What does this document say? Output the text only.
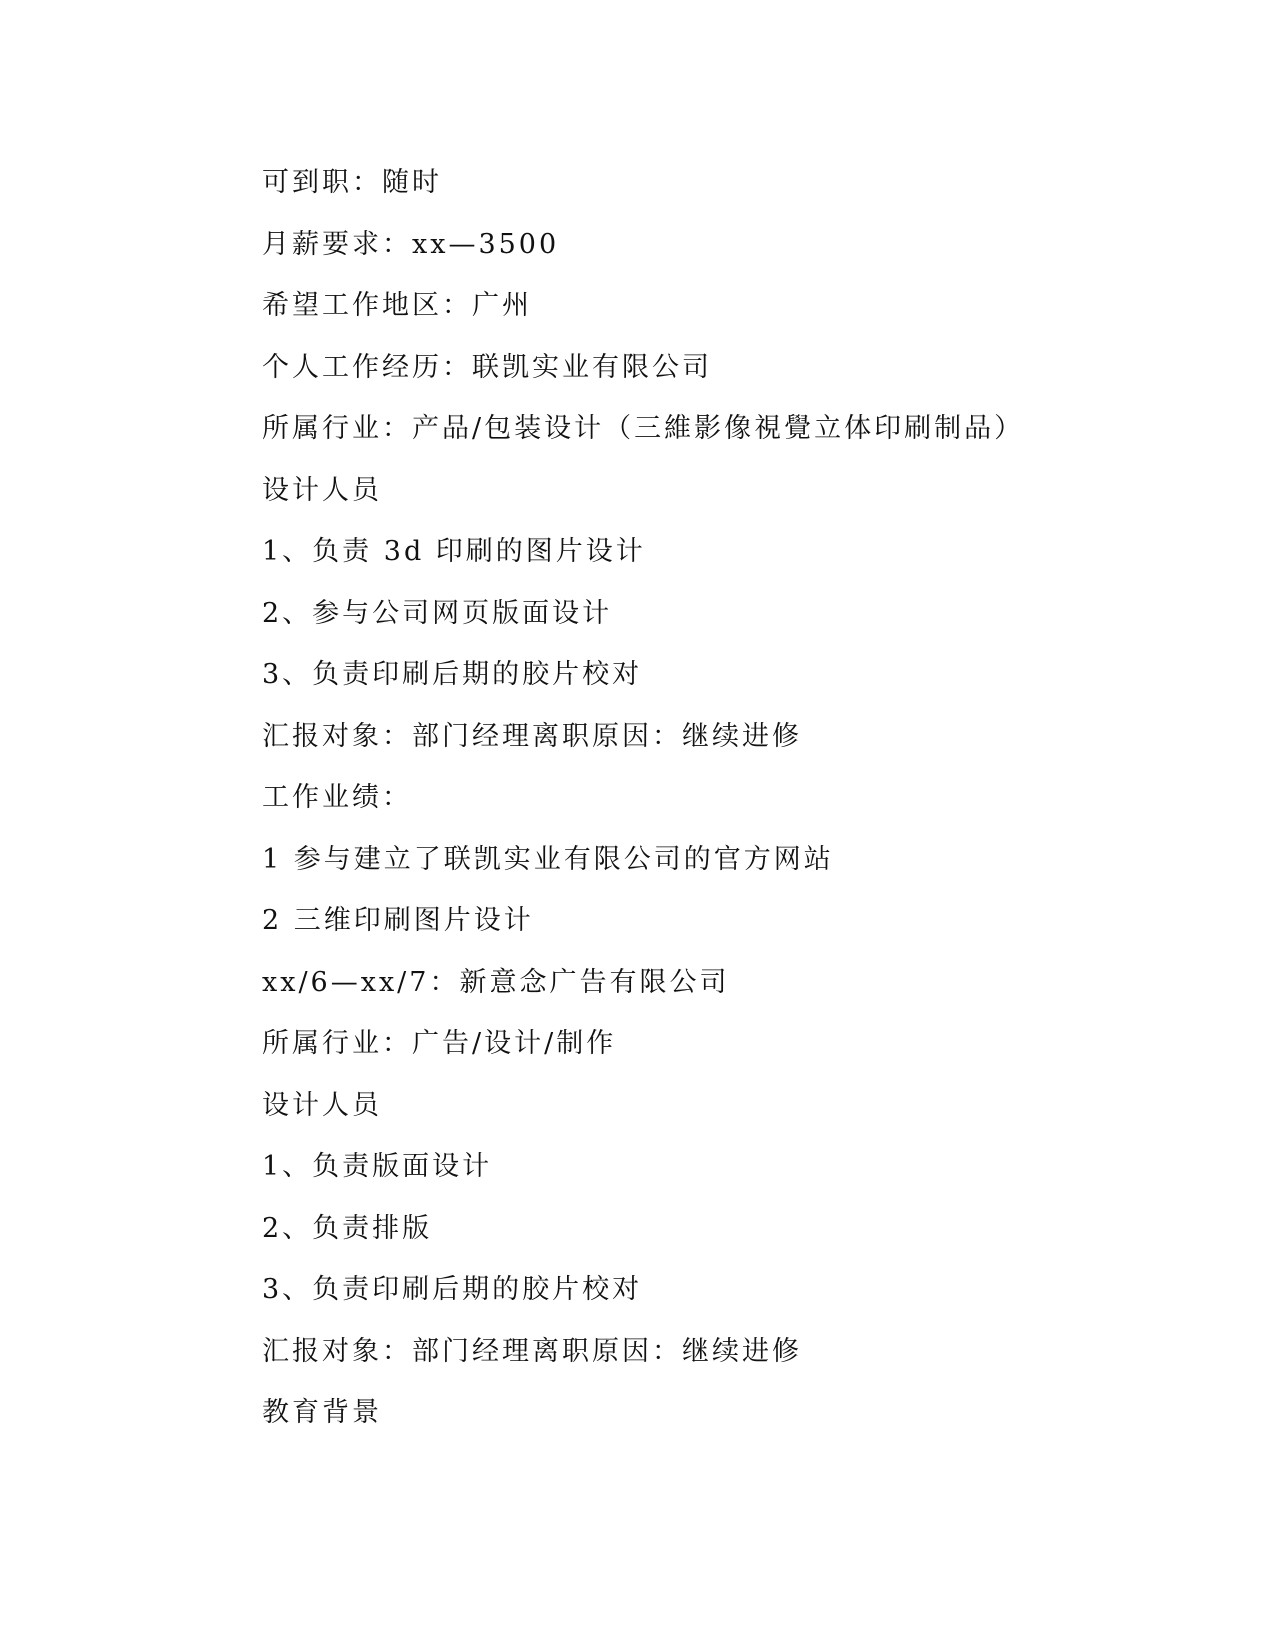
可到职：随时
月薪要求：xx—3500
希望工作地区：广州
个人工作经历：联凯实业有限公司
所属行业：产品/包装设计（三維影像視覺立体印刷制品）
设计人员
1、负责 3d 印刷的图片设计
2、参与公司网页版面设计
3、负责印刷后期的胶片校对
汇报对象：部门经理离职原因：继续进修
工作业绩：
1 参与建立了联凯实业有限公司的官方网站
2 三维印刷图片设计
xx/6—xx/7：新意念广告有限公司
所属行业：广告/设计/制作
设计人员
1、负责版面设计
2、负责排版
3、负责印刷后期的胶片校对
汇报对象：部门经理离职原因：继续进修
教育背景
